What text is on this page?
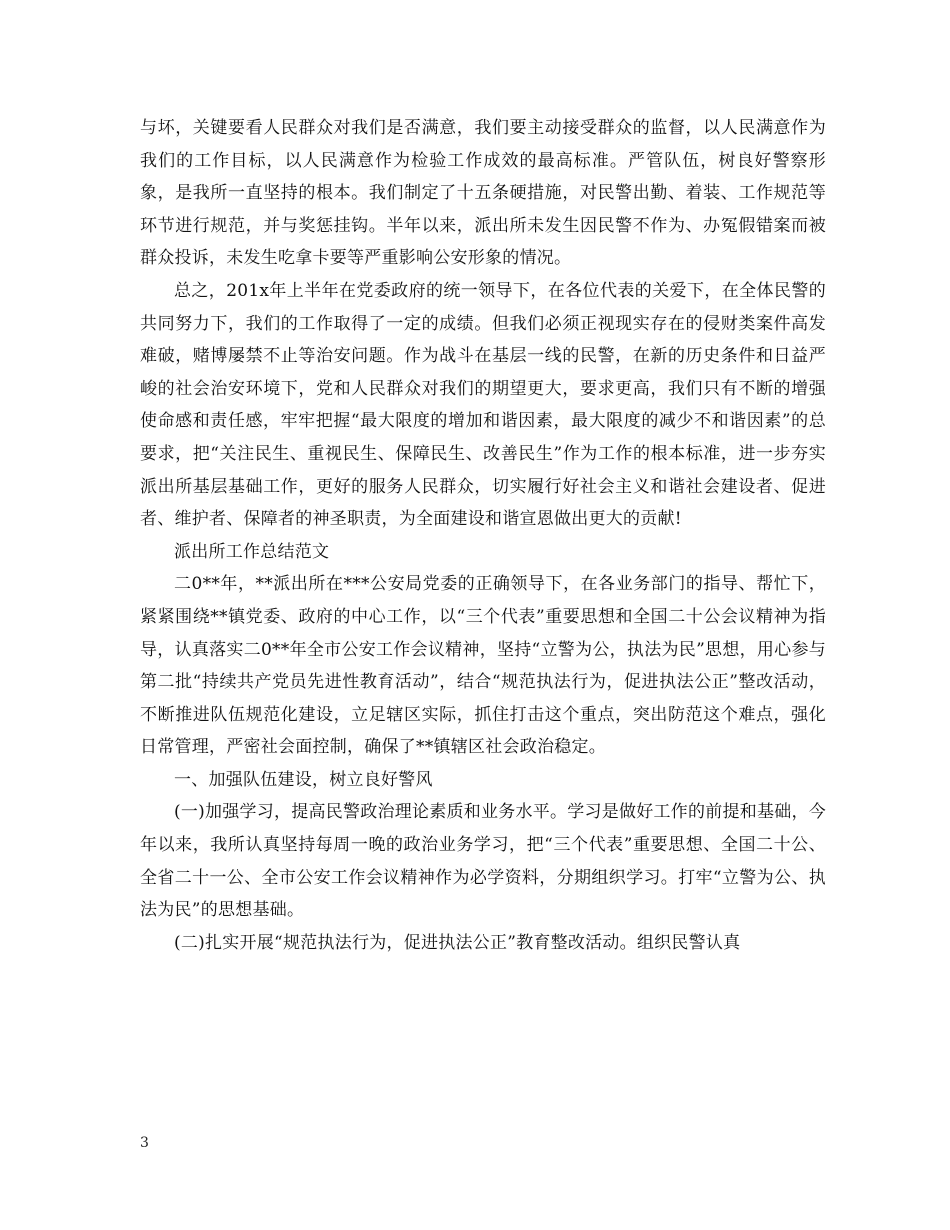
与坏，关键要看人民群众对我们是否满意，我们要主动接受群众的监督，以人民满意作为我们的工作目标，以人民满意作为检验工作成效的最高标准。严管队伍，树良好警察形象，是我所一直坚持的根本。我们制定了十五条硬措施，对民警出勤、着装、工作规范等环节进行规范，并与奖惩挂钩。半年以来，派出所未发生因民警不作为、办冤假错案而被群众投诉，未发生吃拿卡要等严重影响公安形象的情况。

总之，201x年上半年在党委政府的统一领导下，在各位代表的关爱下，在全体民警的共同努力下，我们的工作取得了一定的成绩。但我们必须正视现实存在的侵财类案件高发难破，赌博屡禁不止等治安问题。作为战斗在基层一线的民警，在新的历史条件和日益严峻的社会治安环境下，党和人民群众对我们的期望更大，要求更高，我们只有不断的增强使命感和责任感，牢牢把握“最大限度的增加和谐因素，最大限度的减少不和谐因素”的总要求，把“关注民生、重视民生、保障民生、改善民生”作为工作的根本标准，进一步夯实派出所基层基础工作，更好的服务人民群众，切实履行好社会主义和谐社会建设者、促进者、维护者、保障者的神圣职责，为全面建设和谐宣恩做出更大的贡献!

派出所工作总结范文

二0**年，**派出所在***公安局党委的正确领导下，在各业务部门的指导、帮忙下，紧紧围绕**镇党委、政府的中心工作，以“三个代表”重要思想和全国二十公会议精神为指导，认真落实二0**年全市公安工作会议精神，坚持“立警为公，执法为民”思想，用心参与第二批“持续共产党员先进性教育活动”，结合“规范执法行为，促进执法公正”整改活动，不断推进队伍规范化建设，立足辖区实际，抓住打击这个重点，突出防范这个难点，强化日常管理，严密社会面控制，确保了**镇辖区社会政治稳定。

一、加强队伍建设，树立良好警风

(一)加强学习，提高民警政治理论素质和业务水平。学习是做好工作的前提和基础，今年以来，我所认真坚持每周一晚的政治业务学习，把“三个代表”重要思想、全国二十公、全省二十一公、全市公安工作会议精神作为必学资料，分期组织学习。打牢“立警为公、执法为民”的思想基础。

(二)扎实开展“规范执法行为，促进执法公正”教育整改活动。组织民警认真

3
